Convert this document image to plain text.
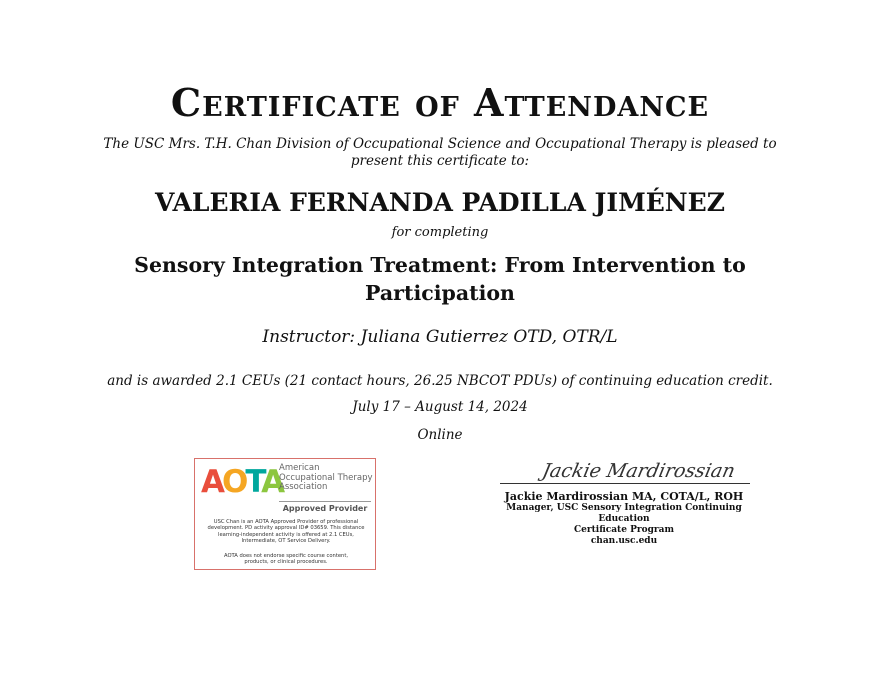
Certificate of Attendance
The USC Mrs. T.H. Chan Division of Occupational Science and Occupational Therapy is pleased to present this certificate to:
VALERIA FERNANDA PADILLA JIMÉNEZ
for completing
Sensory Integration Treatment: From Intervention to Participation
Instructor: Juliana Gutierrez OTD, OTR/L
and is awarded 2.1 CEUs (21 contact hours, 26.25 NBCOT PDUs) of continuing education credit.
July 17 – August 14, 2024
Online
AOTA
American Occupational Therapy Association
Approved Provider
USC Chan is an AOTA Approved Provider of professional development. PD activity approval ID# 03659. This distance learning-independent activity is offered at 2.1 CEUs, Intermediate, OT Service Delivery.
AOTA does not endorse specific course content, products, or clinical procedures.
Jackie Mardirossian
Jackie Mardirossian MA, COTA/L, ROH
Manager, USC Sensory Integration Continuing Education
Certificate Program
chan.usc.edu
